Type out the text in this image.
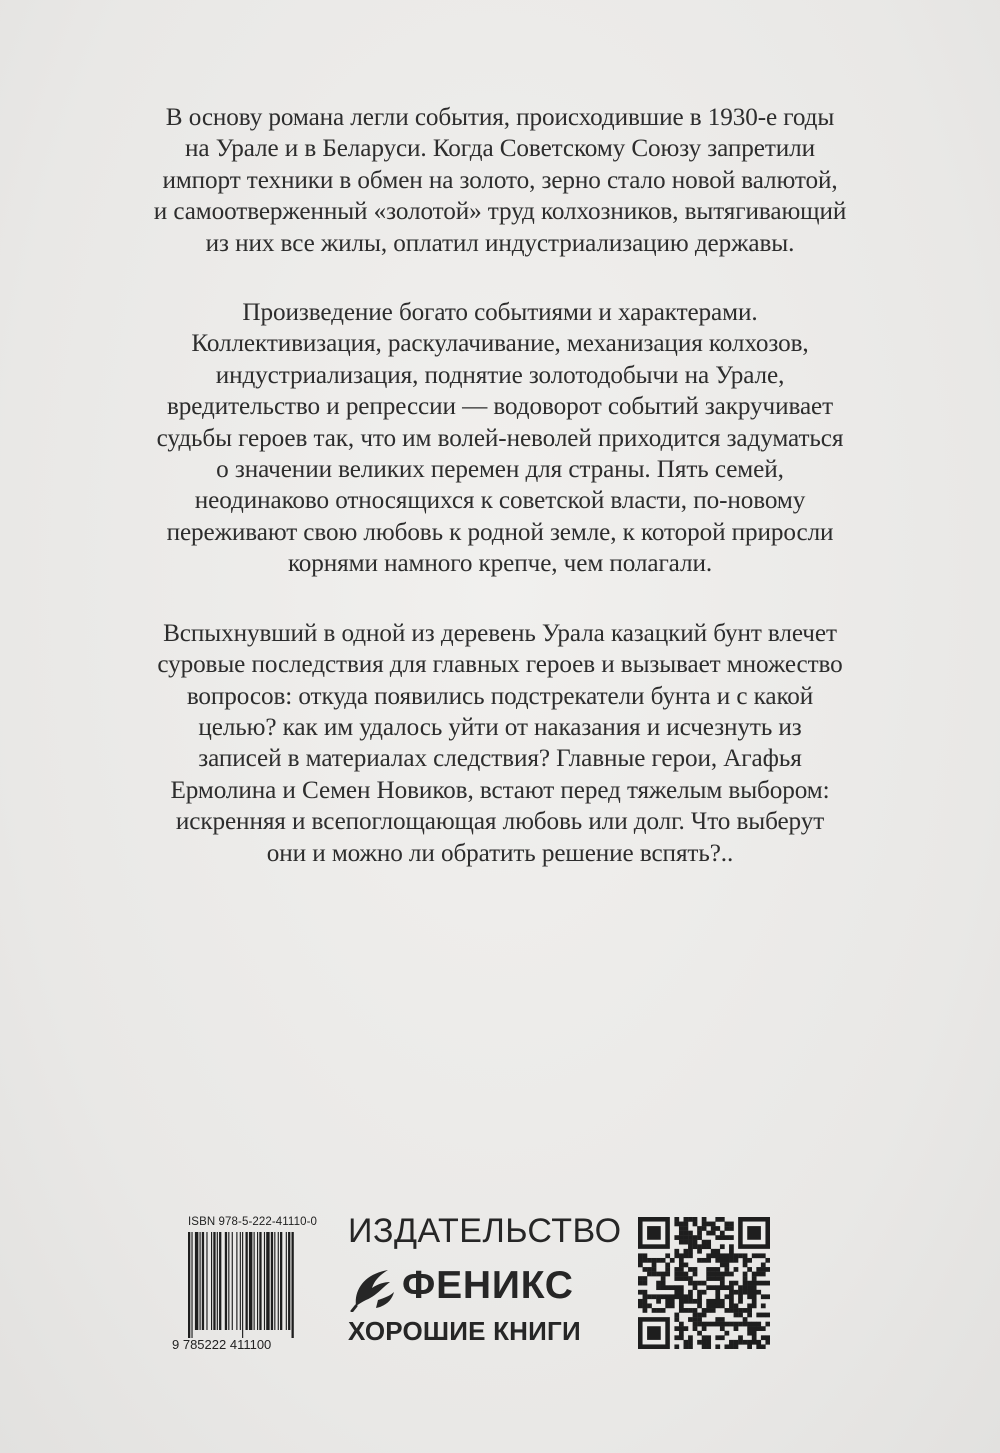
В основу романа легли события, происходившие в 1930-е годы
на Урале и в Беларуси. Когда Советскому Союзу запретили
импорт техники в обмен на золото, зерно стало новой валютой,
и самоотверженный «золотой» труд колхозников, вытягивающий
из них все жилы, оплатил индустриализацию державы.

Произведение богато событиями и характерами.
Коллективизация, раскулачивание, механизация колхозов,
индустриализация, поднятие золотодобычи на Урале,
вредительство и репрессии — водоворот событий закручивает
судьбы героев так, что им волей-неволей приходится задуматься
о значении великих перемен для страны. Пять семей,
неодинаково относящихся к советской власти, по-новому
переживают свою любовь к родной земле, к которой приросли
корнями намного крепче, чем полагали.

Вспыхнувший в одной из деревень Урала казацкий бунт влечет
суровые последствия для главных героев и вызывает множество
вопросов: откуда появились подстрекатели бунта и с какой
целью? как им удалось уйти от наказания и исчезнуть из
записей в материалах следствия? Главные герои, Агафья
Ермолина и Семен Новиков, встают перед тяжелым выбором:
искренняя и всепоглощающая любовь или долг. Что выберут
они и можно ли обратить решение вспять?..

ISBN 978-5-222-41110-0
9 785222 411100
ИЗДАТЕЛЬСТВО
ФЕНИКС
ХОРОШИЕ КНИГИ
